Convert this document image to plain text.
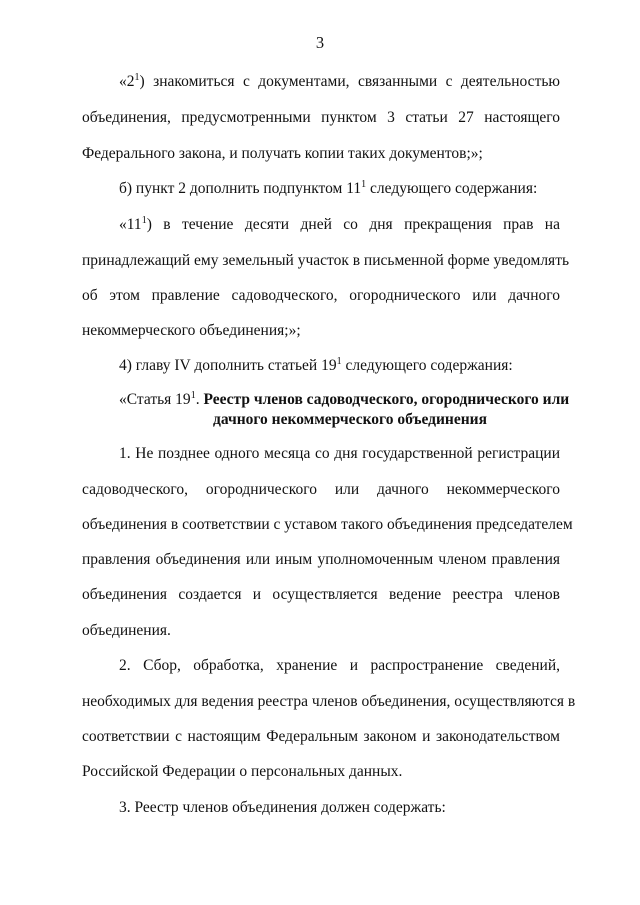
3
«$2^1$) знакомиться с документами, связанными с деятельностью
объединения, предусмотренными пунктом 3 статьи 27 настоящего
Федерального закона, и получать копии таких документов;»;
б) пункт 2 дополнить подпунктом $11^1$ следующего содержания:
«$11^1$) в течение десяти дней со дня прекращения прав на
принадлежащий ему земельный участок в письменной форме уведомлять
об этом правление садоводческого, огороднического или дачного
некоммерческого объединения;»;
4) главу IV дополнить статьей $19^1$ следующего содержания:
«Статья $19^1$. Реестр членов садоводческого, огороднического или
дачного некоммерческого объединения
1. Не позднее одного месяца со дня государственной регистрации
садоводческого, огороднического или дачного некоммерческого
объединения в соответствии с уставом такого объединения председателем
правления объединения или иным уполномоченным членом правления
объединения создается и осуществляется ведение реестра членов
объединения.
2. Сбор, обработка, хранение и распространение сведений,
необходимых для ведения реестра членов объединения, осуществляются в
соответствии с настоящим Федеральным законом и законодательством
Российской Федерации о персональных данных.
3. Реестр членов объединения должен содержать:
